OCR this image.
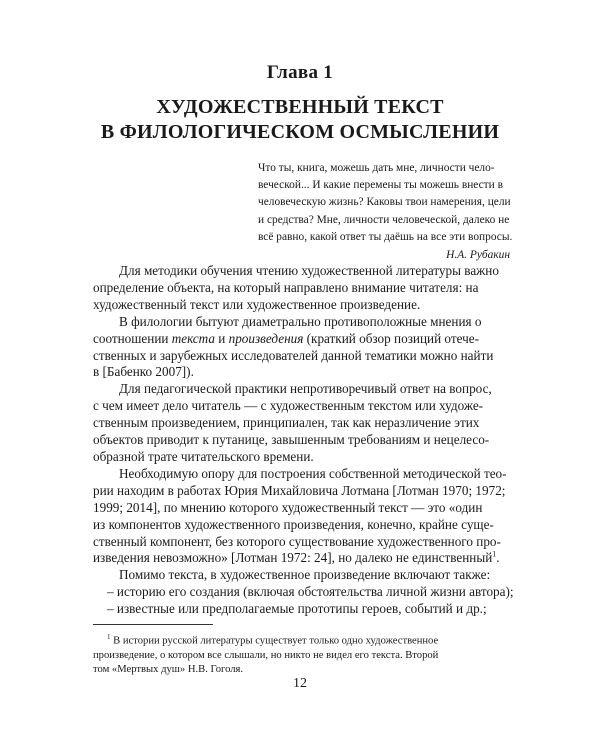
Глава 1
ХУДОЖЕСТВЕННЫЙ ТЕКСТ
В ФИЛОЛОГИЧЕСКОМ ОСМЫСЛЕНИИ
Что ты, книга, можешь дать мне, личности чело-
веческой... И какие перемены ты можешь внести в
человеческую жизнь? Каковы твои намерения, цели
и средства? Мне, личности человеческой, далеко не
всё равно, какой ответ ты даёшь на все эти вопросы.
Н.А. Рубакин
Для методики обучения чтению художественной литературы важно
определение объекта, на который направлено внимание читателя: на
художественный текст или художественное произведение.
В филологии бытуют диаметрально противоположные мнения о
соотношении текста и произведения (краткий обзор позиций отече-
ственных и зарубежных исследователей данной тематики можно найти
в [Бабенко 2007]).
Для педагогической практики непротиворечивый ответ на вопрос,
с чем имеет дело читатель — с художественным текстом или художе-
ственным произведением, принципиален, так как неразличение этих
объектов приводит к путанице, завышенным требованиям и нецелесо-
образной трате читательского времени.
Необходимую опору для построения собственной методической тео-
рии находим в работах Юрия Михайловича Лотмана [Лотман 1970; 1972;
1999; 2014], по мнению которого художественный текст — это «один
из компонентов художественного произведения, конечно, крайне суще-
ственный компонент, без которого существование художественного про-
изведения невозможно» [Лотман 1972: 24], но далеко не единственный$^1$.
Помимо текста, в художественное произведение включают также:
– историю его создания (включая обстоятельства личной жизни автора);
– известные или предполагаемые прототипы героев, событий и др.;
$^1$ В истории русской литературы существует только одно художественное
произведение, о котором все слышали, но никто не видел его текста. Второй
том «Мертвых душ» Н.В. Гоголя.
12
